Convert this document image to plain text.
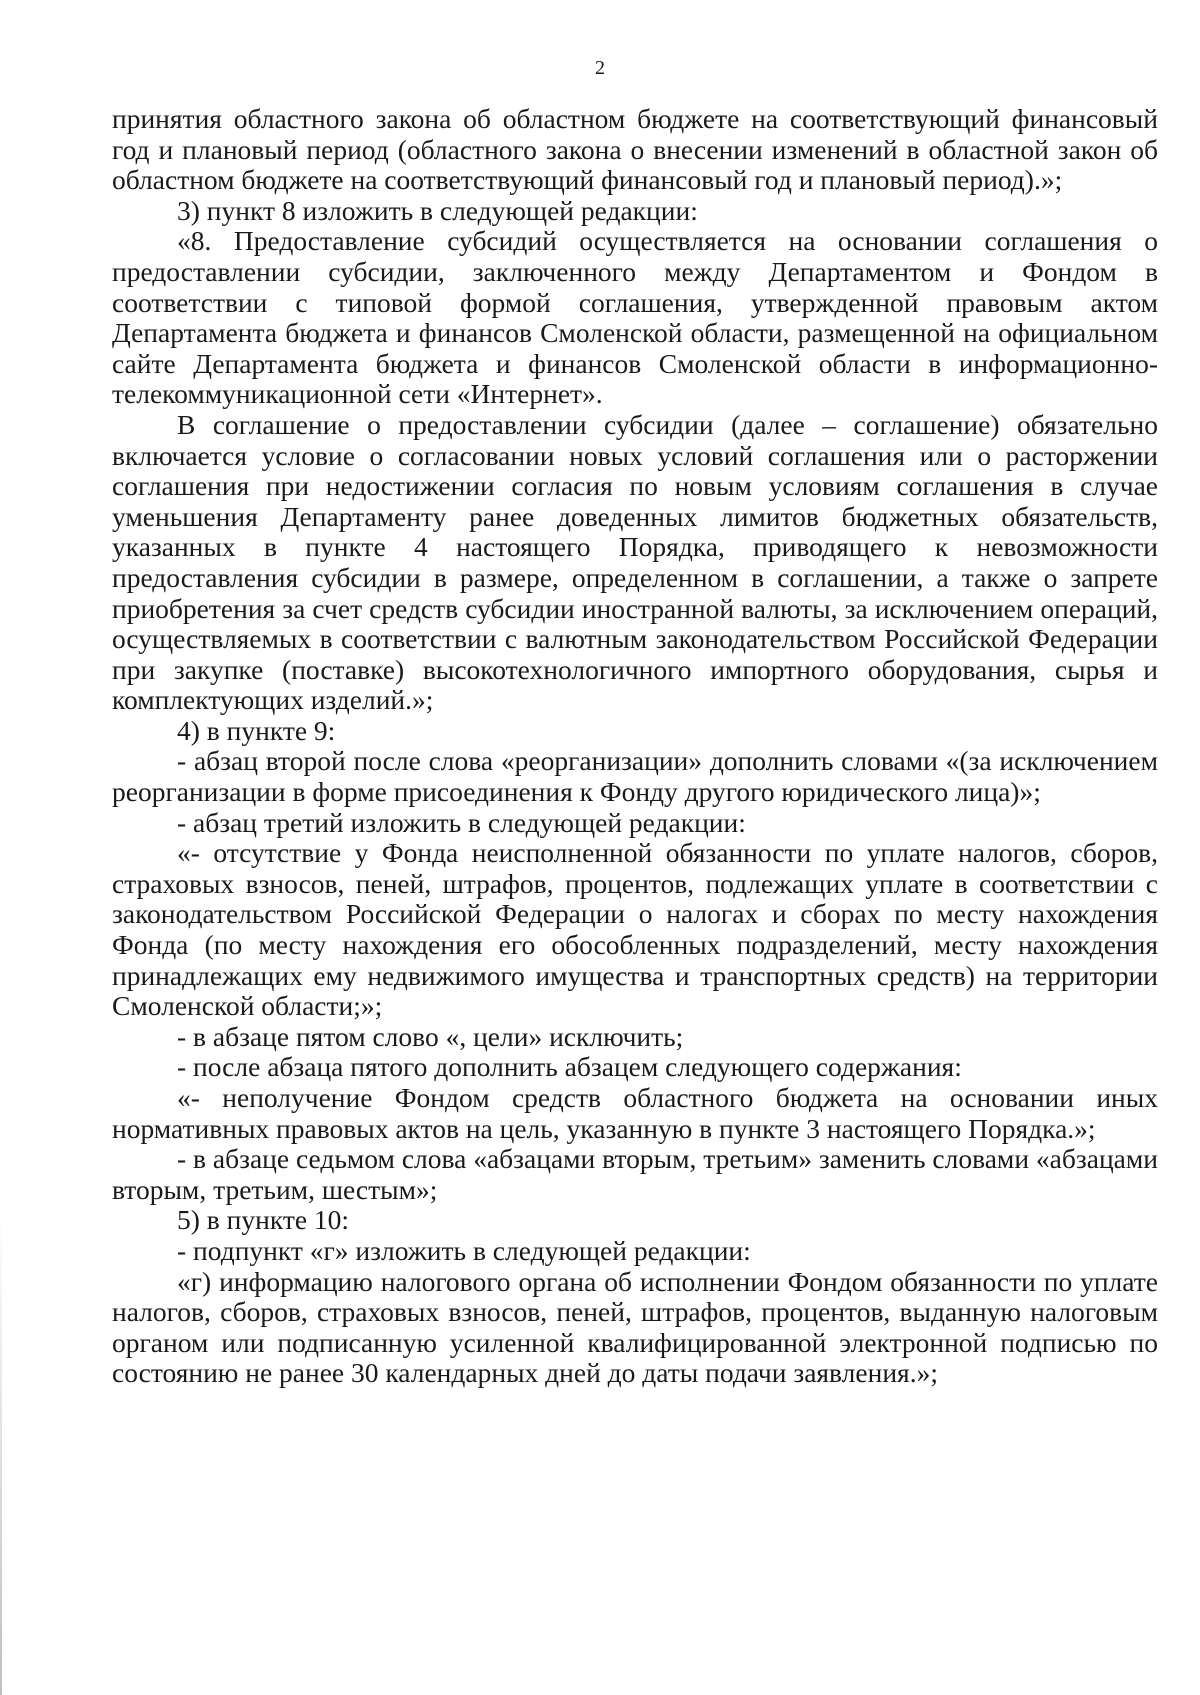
2

принятия областного закона об областном бюджете на соответствующий финансовый год и плановый период (областного закона о внесении изменений в областной закон об областном бюджете на соответствующий финансовый год и плановый период).»;

3) пункт 8 изложить в следующей редакции:

«8. Предоставление субсидий осуществляется на основании соглашения о предоставлении субсидии, заключенного между Департаментом и Фондом в соответствии с типовой формой соглашения, утвержденной правовым актом Департамента бюджета и финансов Смоленской области, размещенной на официальном сайте Департамента бюджета и финансов Смоленской области в информационно-телекоммуникационной сети «Интернет».

В соглашение о предоставлении субсидии (далее – соглашение) обязательно включается условие о согласовании новых условий соглашения или о расторжении соглашения при недостижении согласия по новым условиям соглашения в случае уменьшения Департаменту ранее доведенных лимитов бюджетных обязательств, указанных в пункте 4 настоящего Порядка, приводящего к невозможности предоставления субсидии в размере, определенном в соглашении, а также о запрете приобретения за счет средств субсидии иностранной валюты, за исключением операций, осуществляемых в соответствии с валютным законодательством Российской Федерации при закупке (поставке) высокотехнологичного импортного оборудования, сырья и комплектующих изделий.»;

4) в пункте 9:

- абзац второй после слова «реорганизации» дополнить словами «(за исключением реорганизации в форме присоединения к Фонду другого юридического лица)»;

- абзац третий изложить в следующей редакции:

«- отсутствие у Фонда неисполненной обязанности по уплате налогов, сборов, страховых взносов, пеней, штрафов, процентов, подлежащих уплате в соответствии с законодательством Российской Федерации о налогах и сборах по месту нахождения Фонда (по месту нахождения его обособленных подразделений, месту нахождения принадлежащих ему недвижимого имущества и транспортных средств) на территории Смоленской области;»;

- в абзаце пятом слово «, цели» исключить;

- после абзаца пятого дополнить абзацем следующего содержания:

«- неполучение Фондом средств областного бюджета на основании иных нормативных правовых актов на цель, указанную в пункте 3 настоящего Порядка.»;

- в абзаце седьмом слова «абзацами вторым, третьим» заменить словами «абзацами вторым, третьим, шестым»;

5) в пункте 10:

- подпункт «г» изложить в следующей редакции:

«г) информацию налогового органа об исполнении Фондом обязанности по уплате налогов, сборов, страховых взносов, пеней, штрафов, процентов, выданную налоговым органом или подписанную усиленной квалифицированной электронной подписью по состоянию не ранее 30 календарных дней до даты подачи заявления.»;
